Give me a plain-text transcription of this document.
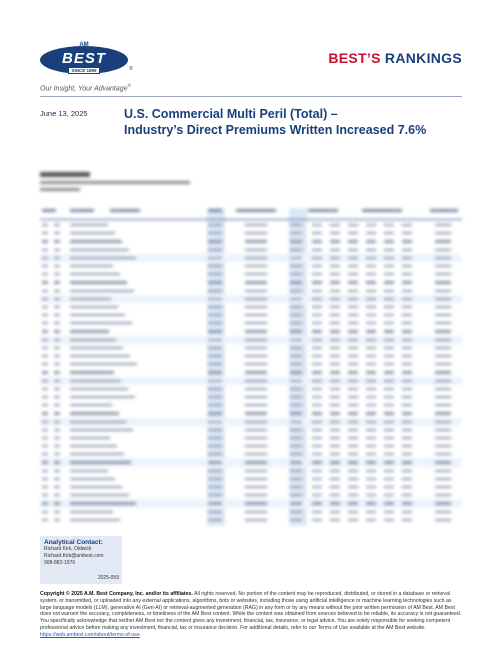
AM
BEST
SINCE 1899	®
BEST’S RANKINGS
Our Insight, Your Advantage®
June 13, 2025	U.S. Commercial Multi Peril (Total) –
Industry’s Direct Premiums Written Increased 7.6%
Analytical Contact:
Richard Kirk, Oldwick
Richard.Kirk@ambest.com
908-882-1976
2025-059
Copyright © 2025 A.M. Best Company, Inc. and/or its affiliates. All rights reserved. No portion of the content may be reproduced, distributed, or stored in a database or retrieval system, or transmitted, or uploaded into any external applications, algorithms, bots or websites, including those using artificial intelligence or machine learning technologies such as large language models (LLM), generative AI (Gen-AI) or retrieval-augmented generation (RAG) in any form or by any means without the prior written permission of AM Best. AM Best does not warrant the accuracy, completeness, or timeliness of the AM Best content. While the content was obtained from sources believed to be reliable, its accuracy is not guaranteed. You specifically acknowledge that neither AM Best nor the content gives any investment, financial, tax, insurance, or legal advice. You are solely responsible for seeking competent professional advice before making any investment, financial, tax or insurance decision. For additional details, refer to our Terms of Use available at the AM Best website: https://web.ambest.com/about/terms-of-use.
